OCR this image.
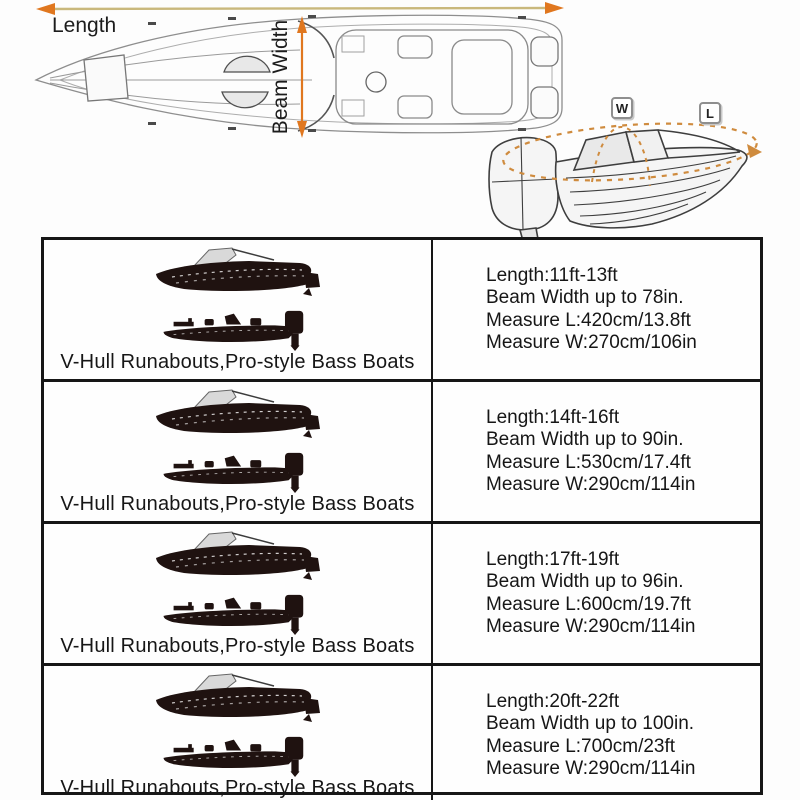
Length	Beam Width	W	L
V-Hull Runabouts,Pro-style Bass Boats
Length:11ft-13ft
Beam Width up to 78in.
Measure L:420cm/13.8ft
Measure W:270cm/106in
V-Hull Runabouts,Pro-style Bass Boats
Length:14ft-16ft
Beam Width up to 90in.
Measure L:530cm/17.4ft
Measure W:290cm/114in
V-Hull Runabouts,Pro-style Bass Boats
Length:17ft-19ft
Beam Width up to 96in.
Measure L:600cm/19.7ft
Measure W:290cm/114in
V-Hull Runabouts,Pro-style Bass Boats
Length:20ft-22ft
Beam Width up to 100in.
Measure L:700cm/23ft
Measure W:290cm/114in
